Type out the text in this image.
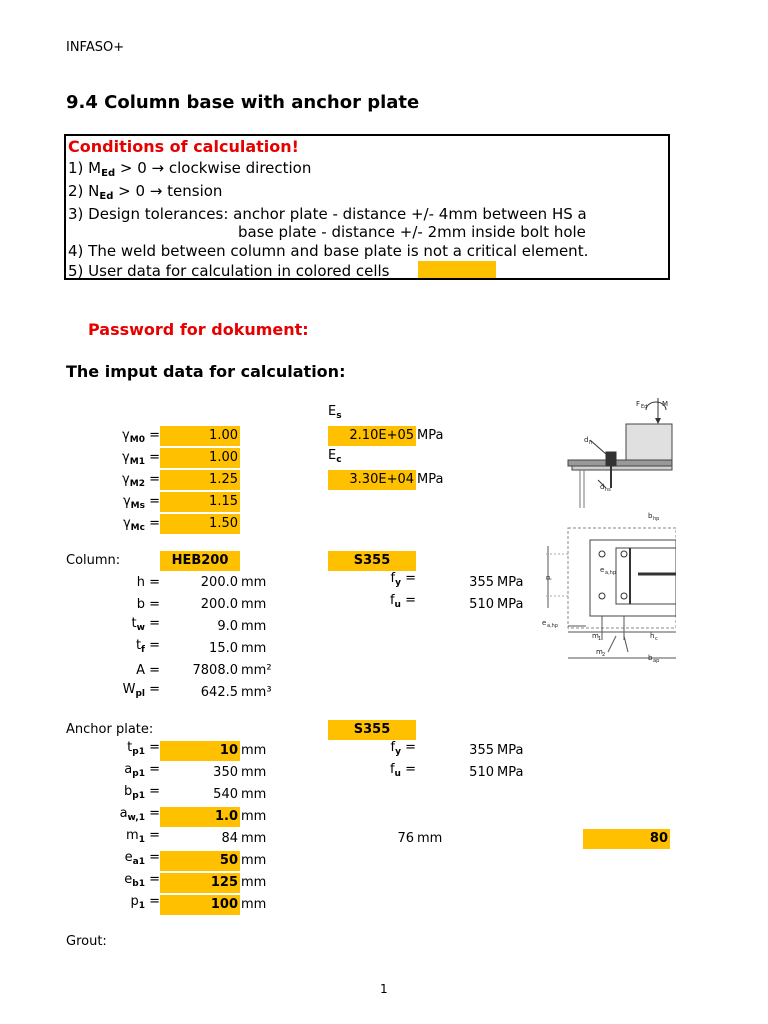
INFASO+
9.4 Column base with anchor plate
Conditions of calculation!
1) $M_{Ed} > 0$ → clockwise direction
2) $N_{Ed} > 0$ → tension
3) Design tolerances: anchor plate - distance +/- 4mm between HS a
base plate - distance +/- 2mm inside bolt hole
4) The weld between column and base plate is not a critical element.
5) User data for calculation in colored cells
Password for dokument:
The imput data for calculation:
$\gamma_{M0}$ =	1.00
$\gamma_{M1}$ =	1.00
$\gamma_{M2}$ =	1.25
$\gamma_{Ms}$ =	1.15
$\gamma_{Mc}$ =	1.50
$E_s$
2.10E+05 MPa
$E_c$
3.30E+04 MPa
Column:	HEB200	S355
h =	200.0 mm
b =	200.0 mm
$t_w$ =	9.0 mm
$t_f$ =	15.0 mm
A =	7808.0 mm²
$W_{pl}$ =	642.5 mm³
$f_y$ =	355 MPa
$f_u$ =	510 MPa
Anchor plate:	S355
$t_{p1}$ =	10 mm
$a_{p1}$ =	350 mm
$b_{p1}$ =	540 mm
$a_{w,1}$ =	1.0 mm
$m_1$ =	84 mm	76 mm	80
$e_{a1}$ =	50 mm
$e_{b1}$ =	125 mm
$p_1$ =	100 mm
$f_y$ =	355 MPa
$f_u$ =	510 MPa
Grout:
F Ed M
d h
d hs
b hp
p
e a,hp
e a,hp
m 1	h c
m 2	b ap
1
